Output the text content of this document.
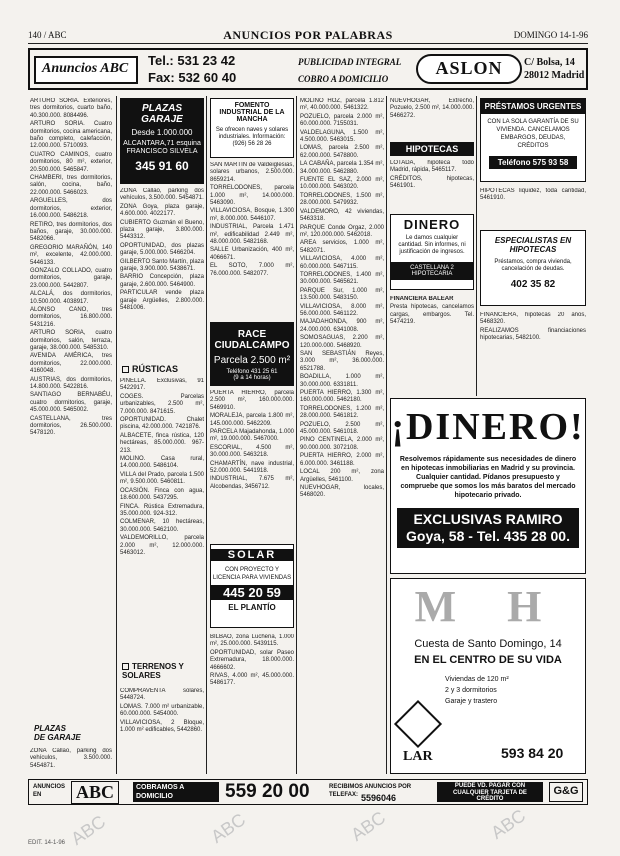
140 / ABC	ANUNCIOS POR PALABRAS	DOMINGO 14-1-96
Anuncios ABC
Tel.: 531 23 42
Fax: 532 60 40
PUBLICIDAD INTEGRAL
COBRO A DOMICILIO
ASLON	C/ Bolsa, 14
28012 Madrid

ARTURO SORIA. Exteriores, tres dormitorios, cuarto baño, 40.300.000. 8084496.

ARTURO SORIA. Cuatro dormitorios, cocina americana, baño completo, calefacción, 12.000.000. 5710093.

CUATRO CAMINOS, cuatro dormitorios, 80 m², exterior, 20.500.000. 5465847.

CHAMBERI, tres dormitorios, salón, cocina, baño, 22.000.000. 5466023.

ARGUELLES, dos dormitorios, exterior, 16.000.000. 5486218.

RETIRO, tres dormitorios, dos baños, garaje, 30.000.000. 5482066.

GREGORIO MARAÑÓN, 140 m², excelente, 42.000.000. 5446133.

GONZALO COLLADO, cuatro dormitorios, garaje, 23.000.000. 5442807.

ALCALÁ, dos dormitorios, 10.500.000. 4038917.

ALONSO CANO, tres dormitorios, 16.800.000. 5431216.

ARTURO SORIA, cuatro dormitorios, salón, terraza, garaje, 38.000.000. 5485310.

AVENIDA AMÉRICA, tres dormitorios, 22.000.000. 4160048.

AUSTRIAS, dos dormitorios, 14.800.000. 5422816.

SANTIAGO BERNABÉU, cuatro dormitorios, garaje, 45.000.000. 5465002.

CASTELLANA, tres dormitorios, 26.500.000. 5478120.

PLAZAS
DE GARAJE

ZONA Callao, parking dos vehículos, 3.500.000. 5454871.

PLAZAS GARAJE
Desde 1.000.000
ALCANTARA,71 esquina FRANCISCO SILVELA
345 91 60

ZONA Callao, parking dos vehículos, 3.500.000. 5454871.

ZONA Goya, plaza garaje, 4.600.000. 4022177.

CUBIERTO Guzmán el Bueno, plaza garaje, 3.800.000. 5443312.

OPORTUNIDAD, dos plazas garaje, 5.000.000. 5466204.

GILBERTO Santo Martín, plaza garaje, 3.900.000. 5438671.

BARRIO Concepción, plaza garaje, 2.600.000. 5464900.

PARTICULAR vende plaza garaje Argüelles, 2.800.000. 5481006.

RÚSTICAS

PINELLA. Exclusivas, 91 5422917.

COGES. Parcelas urbanizables, 2.500 m², 7.000.000. 8471615.

OPORTUNIDAD. Chalet piscina, 42.000.000. 7421876.

ALBACETE, finca rústica, 120 hectáreas, 85.000.000. 967-213.

MOLINO. Casa rural, 14.000.000. 5486104.

VILLA del Prado, parcela 1.500 m², 9.500.000. 5460811.

OCASIÓN. Finca con agua, 18.600.000. 5437295.

FINCA. Rústica Extremadura, 35.000.000. 924-312.

COLMENAR, 10 hectáreas, 30.000.000. 5462100.

VALDEMORILLO, parcela 2.000 m², 12.000.000. 5463012.

TERRENOS Y SOLARES

COMPRAVENTA solares, 5448724.

LOMAS. 7.000 m² urbanizable, 60.000.000. 5454000.

VILLAVICIOSA, 2 Bloque, 1.000 m² edificables, 5442860.

FOMENTO INDUSTRIAL DE LA MANCHA
Se ofrecen naves y solares industriales. Información: (926) 56 28 26

SAN MARTÍN de Valdeiglesias, solares urbanos, 2.500.000. 8659214.

TORRELODONES, parcela 1.000 m², 14.000.000. 5463090.

VILLAVICIOSA, Bosque, 1.300 m², 8.000.000. 5446107.

INDUSTRIAL, Parcela 1.471 m², edificabilidad 2.449 m², 48.000.000. 5482168.

SALLE Urbanización, 400 m², 4066671.

EL SOTO, 7.000 m², 76.000.000. 5482077.

RACE CIUDALCAMPO
Parcela 2.500 m²
Teléfono 431 25 61
(9 a 14 horas)

PUERTA HIERRO, parcela 2.500 m², 160.000.000. 5469910.

MORALEJA, parcela 1.800 m², 145.000.000. 5462209.

PARCELA Majadahonda, 1.000 m², 19.000.000. 5467000.

ESCORIAL, 4.500 m², 30.000.000. 5463218.

CHAMARTÍN, nave industrial, 52.000.000. 5441918.

INDUSTRIAL, 7.675 m², Alcobendas, 3456712.

SOLAR
CON PROYECTO Y LICENCIA PARA VIVIENDAS
445 20 59
EL PLANTÍO

BILBAO, zona Lucheria, 1.000 m², 25.000.000. 5439115.

OPORTUNIDAD, solar Paseo Extremadura, 18.000.000. 4666602.

RIVAS, 4.000 m², 45.000.000. 5486177.

MOLINO HOZ, parcela 1.812 m², 40.000.000. 5461322.

POZUELO, parcela 2.000 m², 60.000.000. 7155031.

VALDELAGUNA, 1.500 m², 4.500.000. 5463015.

LOMAS, parcela 2.500 m², 62.000.000. 5478800.

LA CABAÑA, parcela 1.354 m², 34.000.000. 5462880.

FUENTE EL SAZ, 2.000 m², 10.000.000. 5463020.

TORRELODONES, 1.500 m², 28.000.000. 5479932.

VALDEMORO, 42 viviendas, 5463318.

PARQUE Conde Orgaz, 2.000 m², 120.000.000. 5462018.

AREA servicios, 1.000 m², 5482071.

VILLAVICIOSA, 4.000 m², 60.000.000. 5467115.

TORRELODONES, 1.400 m², 30.000.000. 5465621.

PARQUE Sur, 1.000 m², 13.500.000. 5483150.

VILLAVICIOSA, 8.000 m², 56.000.000. 5461122.

MAJADAHONDA, 900 m², 24.000.000. 6341008.

SOMOSAGUAS, 2.200 m², 120.000.000. 5468920.

SAN SEBASTIÁN Reyes, 3.000 m², 36.000.000. 6521788.

BOADILLA, 1.000 m², 30.000.000. 6331811.

PUERTA HIERRO, 1.300 m², 160.000.000. 5462180.

TORRELODONES, 1.200 m², 28.000.000. 5461812.

POZUELO, 2.500 m², 45.000.000. 5461018.

PINO CENTINELA, 2.000 m², 90.000.000. 3072108.

PUERTA HIERRO, 2.000 m², 6.000.000. 3461188.

LOCAL 200 m², zona Argüelles, 5461100.

NUEVHOGAR, locales, 5468020.

NUEVHOGAR, Extrecho, Pozuelo, 2.500 m², 14.000.000. 5466272.

HIPOTECAS

LOTADA, hipoteca todo Madrid, rápida, 5465117.

CRÉDITOS, hipotecas, 5461901.

DINERO
Le damos cualquier cantidad. Sin informes, ni justificación de ingresos.
CASTELLANA 2 HIPOTECARIA

FINANCIERA BALEAR

Presta hipotecas, cancelamos cargas, embargos. Tel. 5474219.

PRÉSTAMOS URGENTES
CON LA SOLA GARANTÍA DE SU VIVIENDA. CANCELAMOS EMBARGOS, DEUDAS, CRÉDITOS
Teléfono 575 93 58

HIPOTECAS liquidez, toda cantidad, 5461910.

ESPECIALISTAS EN HIPOTECAS
Préstamos, compra vivienda, cancelación de deudas.
402 35 82

FINANCIERA, hipotecas 20 años, 5468320.

REALIZAMOS financiaciones hipotecarias, 5482100.

¡DINERO!
Resolvemos rápidamente sus necesidades de dinero en hipotecas inmobiliarias en Madrid y su provincia. Cualquier cantidad. Pídanos presupuesto y compruebe que somos los más baratos del mercado hipotecario privado.
EXCLUSIVAS RAMIRO
Goya, 58 - Tel. 435 28 00.
M H
Cuesta de Santo Domingo, 14
EN EL CENTRO DE SU VIDA
Viviendas de 120 m²
2 y 3 dormitorios
Garaje y trastero
LAR	593 84 20
ANUNCIOS EN	ABC	COBRAMOS A DOMICILIO	559 20 00	RECIBIMOS ANUNCIOS POR TELEFAX: 5596046
PUEDE VD. PAGAR CON CUALQUIER TARJETA DE CRÉDITO
G&G
EDIT. 14-1-96 ABC	ABC	ABC	ABC
